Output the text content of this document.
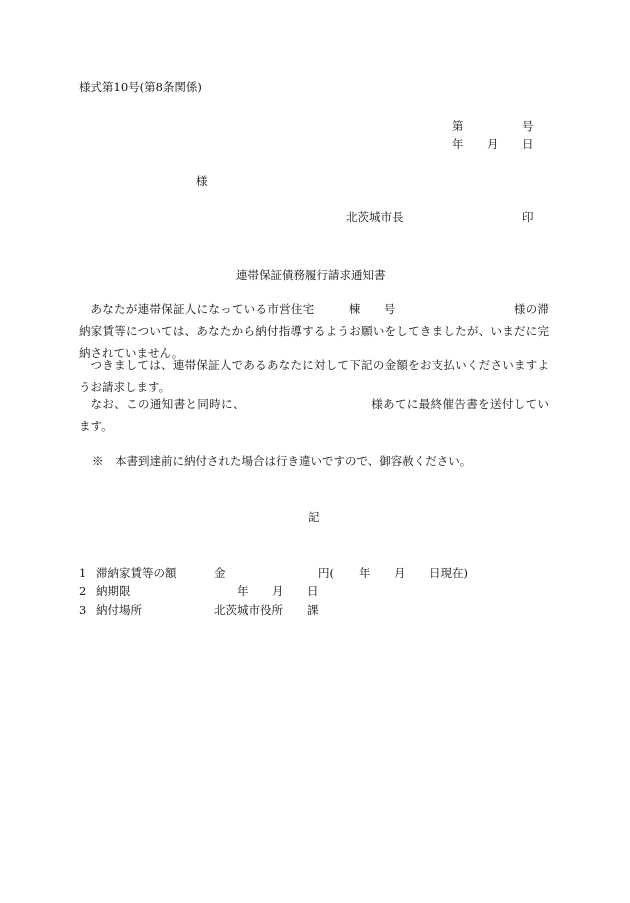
様式第10号(第8条関係)
第	号
年 月 日
様
北茨城市長	印
連帯保証債務履行請求通知書
あなたが連帯保証人になっている市営住宅	棟 号	様の滞納家賃等については、あなたから納付指導するようお願いをしてきましたが、いまだに完納されていません。
つきましては、連帯保証人であるあなたに対して下記の金額をお支払いくださいますようお請求します。
なお、この通知書と同時に、	様あてに最終催告書を送付しています。
※　本書到達前に納付された場合は行き違いですので、御容赦ください。
記
1 滞納家賃等の額	金	円( 年 月 日現在)
2 納期限	年 月 日
3 納付場所	北茨城市役所 課
